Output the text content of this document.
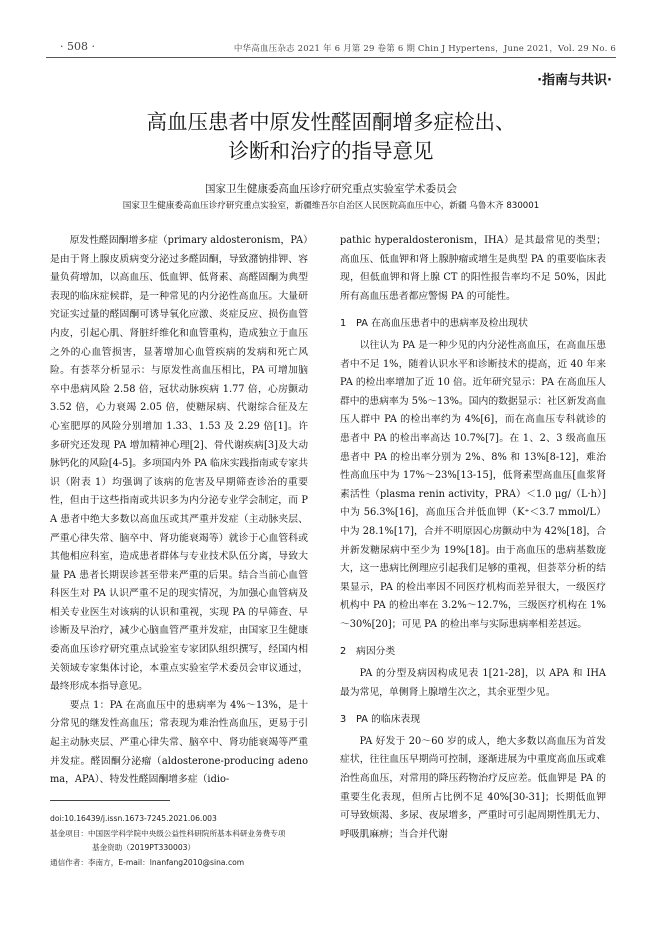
· 508 ·	中华高血压杂志 2021 年 6 月第 29 卷第 6 期 Chin J Hypertens，June 2021，Vol. 29 No. 6
·指南与共识·
高血压患者中原发性醛固酮增多症检出、
诊断和治疗的指导意见
国家卫生健康委高血压诊疗研究重点实验室学术委员会
国家卫生健康委高血压诊疗研究重点实验室，新疆维吾尔自治区人民医院高血压中心，新疆 乌鲁木齐 830001

原发性醛固酮增多症（primary aldosteronism，PA）是由于肾上腺皮质病变分泌过多醛固酮，导致潴钠排钾、容量负荷增加，以高血压、低血钾、低肾素、高醛固酮为典型表现的临床症候群，是一种常见的内分泌性高血压。大量研究证实过量的醛固酮可诱导氧化应激、炎症反应、损伤血管内皮，引起心肌、肾脏纤维化和血管重构，造成独立于血压之外的心血管损害，显著增加心血管疾病的发病和死亡风险。有荟萃分析显示：与原发性高血压相比，PA 可增加脑卒中患病风险 2.58 倍，冠状动脉疾病 1.77 倍，心房颤动 3.52 倍，心力衰竭 2.05 倍，使糖尿病、代谢综合征及左心室肥厚的风险分别增加 1.33、1.53 及 2.29 倍[1]。许多研究还发现 PA 增加精神心理[2]、骨代谢疾病[3]及大动脉钙化的风险[4-5]。多项国内外 PA 临床实践指南或专家共识（附表 1）均强调了该病的危害及早期筛查诊治的重要性，但由于这些指南或共识多为内分泌专业学会制定，而 PA 患者中绝大多数以高血压或其严重并发症（主动脉夹层、严重心律失常、脑卒中、肾功能衰竭等）就诊于心血管科或其他相应科室，造成患者群体与专业技术队伍分离，导致大量 PA 患者长期误诊甚至带来严重的后果。结合当前心血管科医生对 PA 认识严重不足的现实情况，为加强心血管病及相关专业医生对该病的认识和重视，实现 PA 的早筛查、早诊断及早治疗，减少心脑血管严重并发症，由国家卫生健康委高血压诊疗研究重点试验室专家团队组织撰写，经国内相关领域专家集体讨论，本重点实验室学术委员会审议通过，最终形成本指导意见。

要点 1：PA 在高血压中的患病率为 4%～13%，是十分常见的继发性高血压；常表现为难治性高血压，更易于引起主动脉夹层、严重心律失常、脑卒中、肾功能衰竭等严重并发症。醛固酮分泌瘤（aldosterone-producing adenoma，APA）、特发性醛固酮增多症（idio-

pathic hyperaldosteronism，IHA）是其最常见的类型；高血压、低血钾和肾上腺肿瘤或增生是典型 PA 的重要临床表现，但低血钾和肾上腺 CT 的阳性报告率均不足 50%，因此所有高血压患者都应警惕 PA 的可能性。

1　PA 在高血压患者中的患病率及检出现状

以往认为 PA 是一种少见的内分泌性高血压，在高血压患者中不足 1%，随着认识水平和诊断技术的提高，近 40 年来 PA 的检出率增加了近 10 倍。近年研究显示：PA 在高血压人群中的患病率为 5%～13%。国内的数据显示：社区新发高血压人群中 PA 的检出率约为 4%[6]，而在高血压专科就诊的患者中 PA 的检出率高达 10.7%[7]。在 1、2、3 级高血压患者中 PA 的检出率分别为 2%、8% 和 13%[8-12]，难治性高血压中为 17%～23%[13-15]，低肾素型高血压[血浆肾素活性（plasma renin activity，PRA）＜1.0 μg/（L·h）]中为 56.3%[16]，高血压合并低血钾（K⁺＜3.7 mmol/L）中为 28.1%[17]，合并不明原因心房颤动中为 42%[18]，合并新发糖尿病中至少为 19%[18]。由于高血压的患病基数庞大，这一患病比例理应引起我们足够的重视，但荟萃分析的结果显示，PA 的检出率因不同医疗机构而差异很大，一级医疗机构中 PA 的检出率在 3.2%～12.7%，三级医疗机构在 1%～30%[20]；可见 PA 的检出率与实际患病率相差甚远。

2　病因分类

PA 的分型及病因构成见表 1[21-28]，以 APA 和 IHA 最为常见，单侧肾上腺增生次之，其余亚型少见。

3　PA 的临床表现

PA 好发于 20～60 岁的成人，绝大多数以高血压为首发症状，往往血压早期尚可控制，逐渐进展为中重度高血压或难治性高血压，对常用的降压药物治疗反应差。低血钾是 PA 的重要生化表现，但所占比例不足 40%[30-31]；长期低血钾可导致烦渴、多尿、夜尿增多，严重时可引起周期性肌无力、呼吸肌麻痹；当合并代谢

doi:10.16439/j.issn.1673-7245.2021.06.003
基金项目：中国医学科学院中央级公益性科研院所基本科研业务费专项
基金资助（2019PT330003）
通信作者：李南方，E-mail：lnanfang2010@sina.com
